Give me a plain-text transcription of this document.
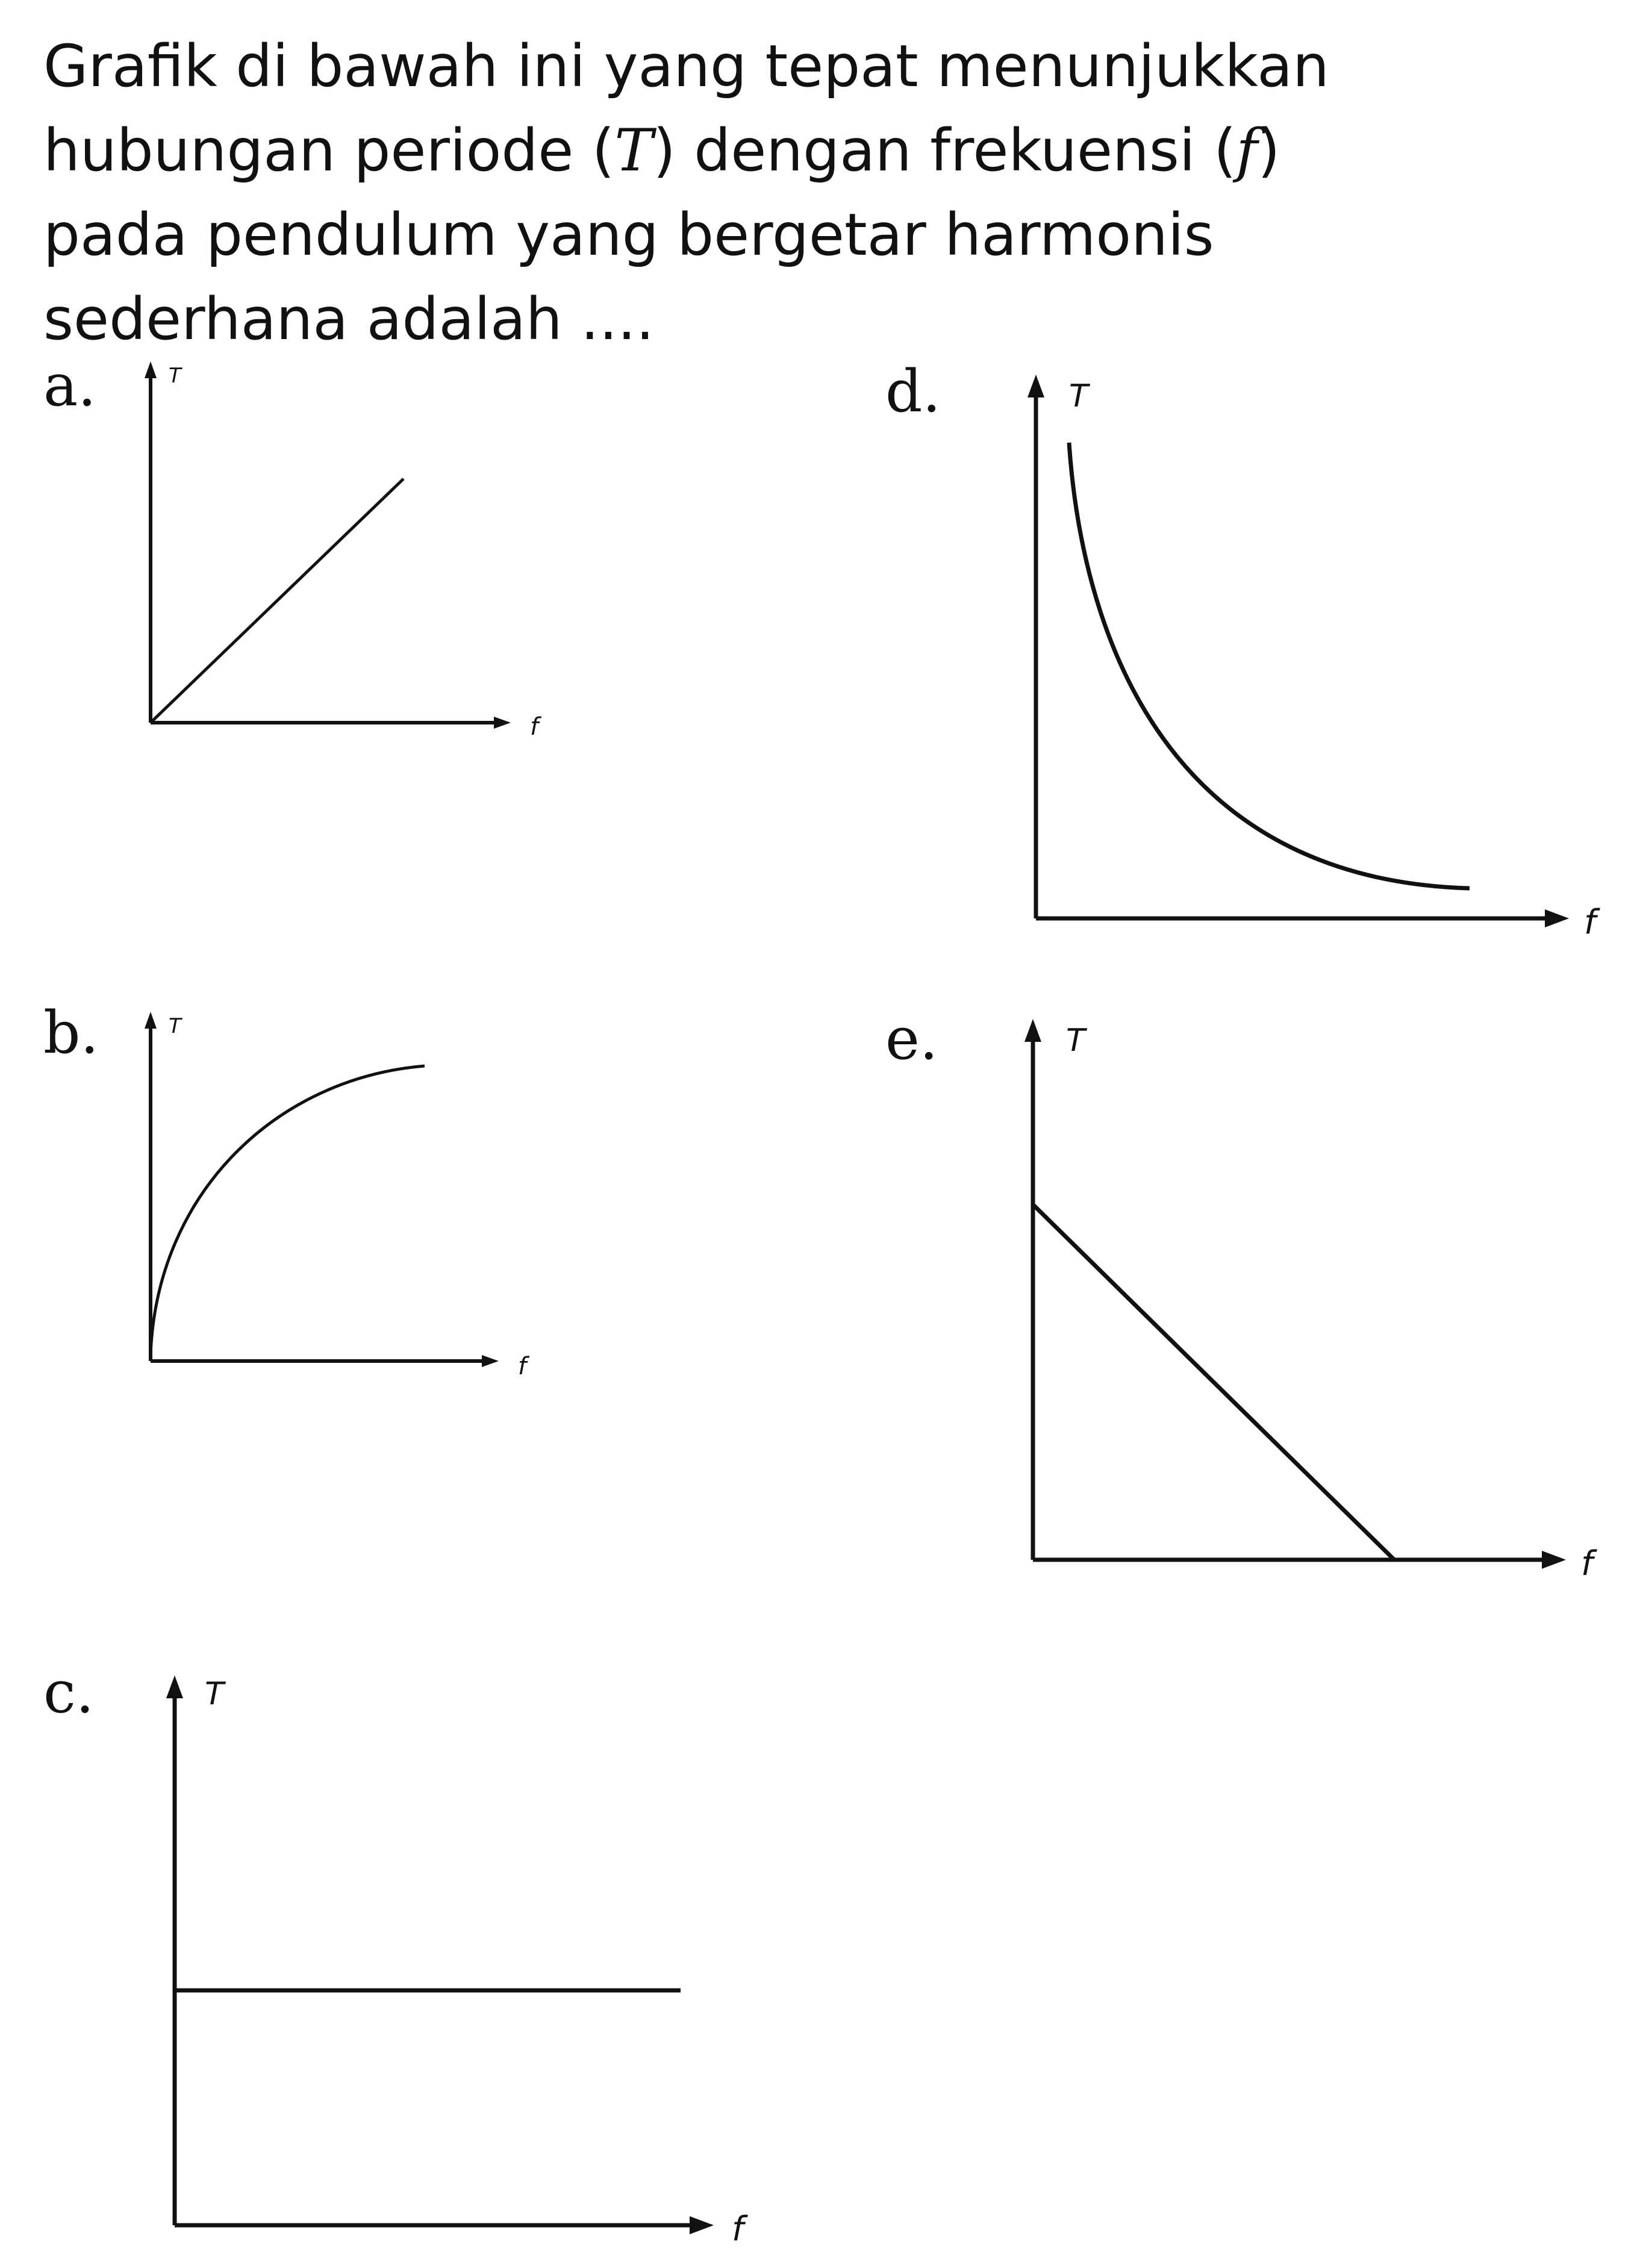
Grafik di bawah ini yang tepat menunjukkan hubungan periode (T) dengan frekuensi (f) pada pendulum yang bergetar harmonis sederhana adalah ....
a.	T
f
b.	T
f
c.	T
f
d.	T
f
e.	T
f
